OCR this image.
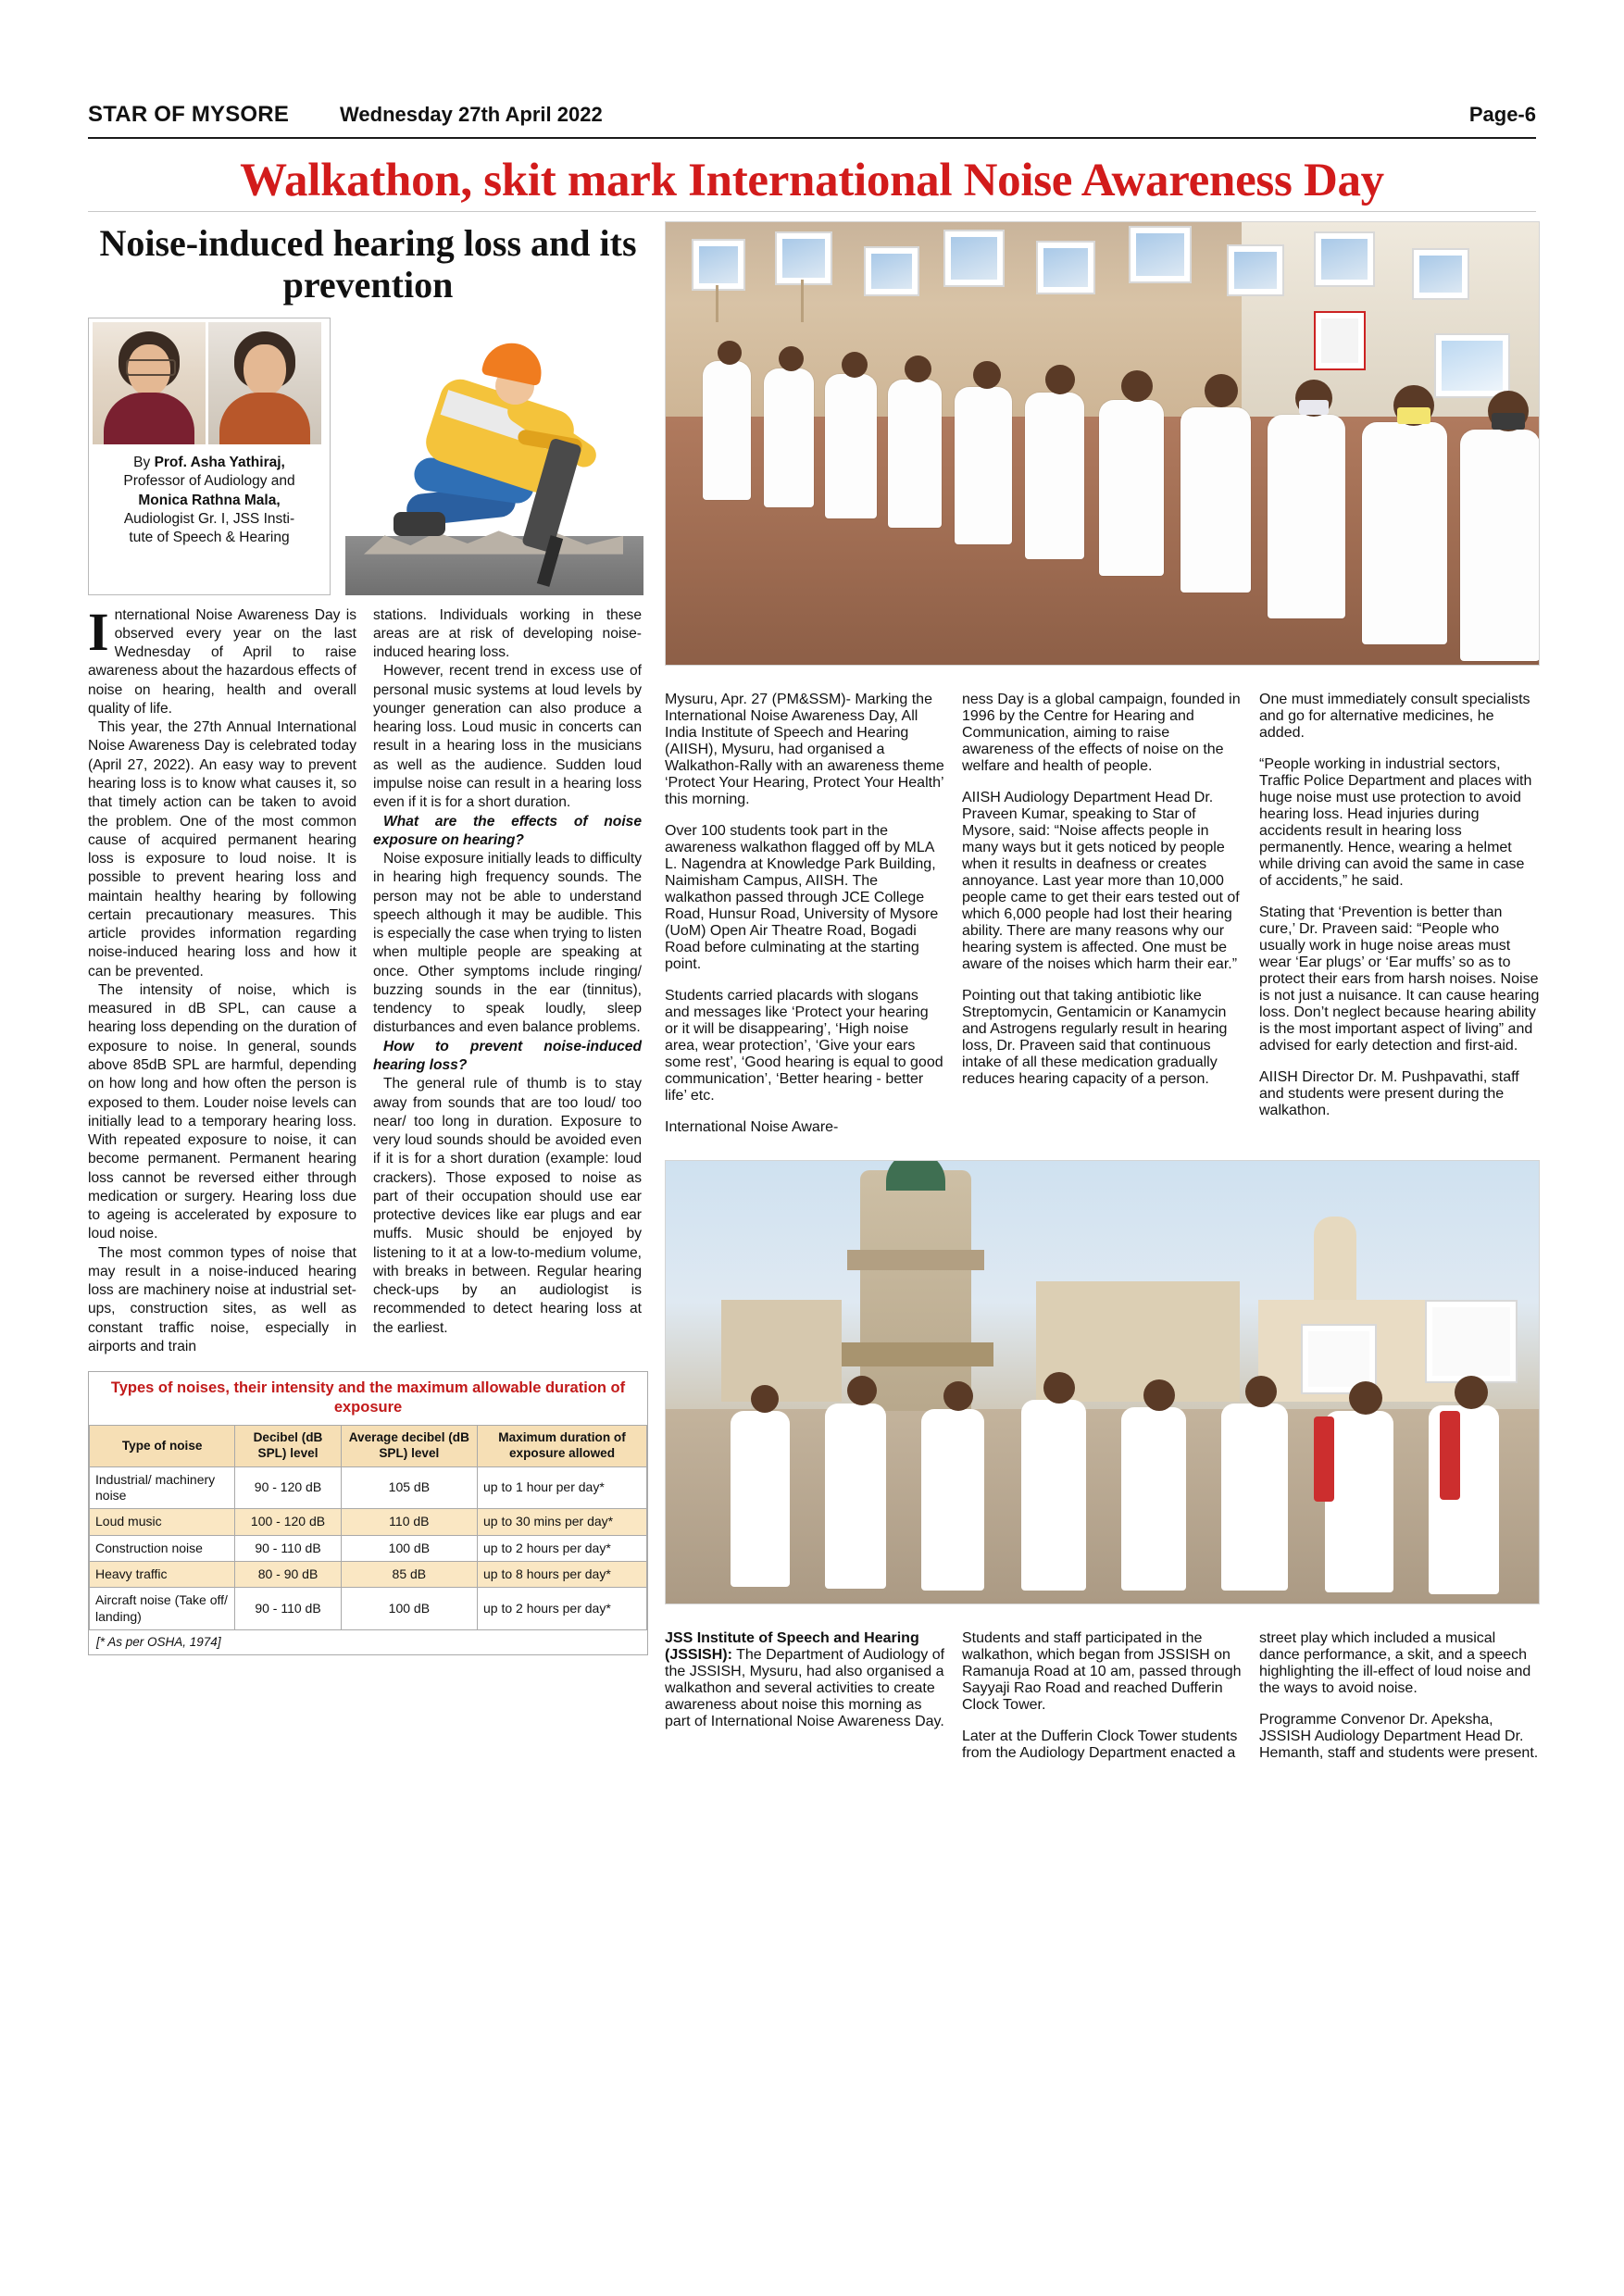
STAR OF MYSORE	Wednesday 27th April 2022	Page-6
Walkathon, skit mark International Noise Awareness Day
Noise-induced hearing loss and its prevention
By Prof. Asha Yathiraj,
Professor of Audiology and
Monica Rathna Mala,
Audiologist Gr. I, JSS Insti-
tute of Speech & Hearing

International Noise Awareness Day is observed every year on the last Wednesday of April to raise awareness about the hazardous effects of noise on hearing, health and overall quality of life.

This year, the 27th Annual International Noise Awareness Day is celebrated today (April 27, 2022). An easy way to prevent hearing loss is to know what causes it, so that timely action can be taken to avoid the problem. One of the most common cause of acquired permanent hearing loss is exposure to loud noise. It is possible to prevent hearing loss and maintain healthy hearing by following certain precautionary measures. This article provides information regarding noise-induced hearing loss and how it can be prevented.

The intensity of noise, which is measured in dB SPL, can cause a hearing loss depending on the duration of exposure to noise. In general, sounds above 85dB SPL are harmful, depending on how long and how often the person is exposed to them. Louder noise levels can initially lead to a temporary hearing loss. With repeated exposure to noise, it can become permanent. Permanent hearing loss cannot be reversed either through medication or surgery. Hearing loss due to ageing is accelerated by exposure to loud noise.

The most common types of noise that may result in a noise-induced hearing loss are machinery noise at industrial set-ups, construction sites, as well as constant traffic noise, especially in airports and train

stations. Individuals working in these areas are at risk of developing noise-induced hearing loss.

However, recent trend in excess use of personal music systems at loud levels by younger generation can also produce a hearing loss. Loud music in concerts can result in a hearing loss in the musicians as well as the audience. Sudden loud impulse noise can result in a hearing loss even if it is for a short duration.

What are the effects of noise exposure on hearing?

Noise exposure initially leads to difficulty in hearing high frequency sounds. The person may not be able to understand speech although it may be audible. This is especially the case when trying to listen when multiple people are speaking at once. Other symptoms include ringing/ buzzing sounds in the ear (tinnitus), tendency to speak loudly, sleep disturbances and even balance problems.

How to prevent noise-induced hearing loss?

The general rule of thumb is to stay away from sounds that are too loud/ too near/ too long in duration. Exposure to very loud sounds should be avoided even if it is for a short duration (example: loud crackers). Those exposed to noise as part of their occupation should use ear protective devices like ear plugs and ear muffs. Music should be enjoyed by listening to it at a low-to-medium volume, with breaks in between. Regular hearing check-ups by an audiologist is recommended to detect hearing loss at the earliest.

Types of noises, their intensity and the maximum allowable duration of exposure
Type of noise	Decibel (dB SPL) level	Average decibel (dB SPL) level	Maximum duration of exposure allowed
Industrial/ machinery noise	90 - 120 dB	105 dB	up to 1 hour per day*
Loud music	100 - 120 dB	110 dB	up to 30 mins per day*
Construction noise	90 - 110 dB	100 dB	up to 2 hours per day*
Heavy traffic	80 - 90 dB	85 dB	up to 8 hours per day*
Aircraft noise (Take off/ landing)	90 - 110 dB	100 dB	up to 2 hours per day*
[* As per OSHA, 1974]

Mysuru, Apr. 27 (PM&SSM)- Marking the International Noise Awareness Day, All India Institute of Speech and Hearing (AIISH), Mysuru, had organised a Walkathon-Rally with an awareness theme ‘Protect Your Hearing, Protect Your Health’ this morning.

Over 100 students took part in the awareness walkathon flagged off by MLA L. Nagendra at Knowledge Park Building, Naimisham Campus, AIISH. The walkathon passed through JCE College Road, Hunsur Road, University of Mysore (UoM) Open Air Theatre Road, Bogadi Road before culminating at the starting point.

Students carried placards with slogans and messages like ‘Protect your hearing or it will be disappearing’, ‘High noise area, wear protection’, ‘Give your ears some rest’, ‘Good hearing is equal to good communication’, ‘Better hearing - better life’ etc.

International Noise Aware-

ness Day is a global campaign, founded in 1996 by the Centre for Hearing and Communication, aiming to raise awareness of the effects of noise on the welfare and health of people.

AIISH Audiology Department Head Dr. Praveen Kumar, speaking to Star of Mysore, said: “Noise affects people in many ways but it gets noticed by people when it results in deafness or creates annoyance. Last year more than 10,000 people came to get their ears tested out of which 6,000 people had lost their hearing ability. There are many reasons why our hearing system is affected. One must be aware of the noises which harm their ear.”

Pointing out that taking antibiotic like Streptomycin, Gentamicin or Kanamycin and Astrogens regularly result in hearing loss, Dr. Praveen said that continuous intake of all these medication gradually reduces hearing capacity of a person.

One must immediately consult specialists and go for alternative medicines, he added.

“People working in industrial sectors, Traffic Police Department and places with huge noise must use protection to avoid hearing loss. Head injuries during accidents result in hearing loss permanently. Hence, wearing a helmet while driving can avoid the same in case of accidents,” he said.

Stating that ‘Prevention is better than cure,’ Dr. Praveen said: “People who usually work in huge noise areas must wear ‘Ear plugs’ or ‘Ear muffs’ so as to protect their ears from harsh noises. Noise is not just a nuisance. It can cause hearing loss. Don’t neglect because hearing ability is the most important aspect of living” and advised for early detection and first-aid.

AIISH Director Dr. M. Pushpavathi, staff and students were present during the walkathon.

JSS Institute of Speech and Hearing (JSSISH): The Department of Audiology of the JSSISH, Mysuru, had also organised a walkathon and several activities to create awareness about noise this morning as part of International Noise Awareness Day.

Students and staff participated in the walkathon, which began from JSSISH on Ramanuja Road at 10 am, passed through Sayyaji Rao Road and reached Dufferin Clock Tower.

Later at the Dufferin Clock Tower students from the Audiology Department enacted a

street play which included a musical dance performance, a skit, and a speech highlighting the ill-effect of loud noise and the ways to avoid noise.

Programme Convenor Dr. Apeksha, JSSISH Audiology Department Head Dr. Hemanth, staff and students were present.
